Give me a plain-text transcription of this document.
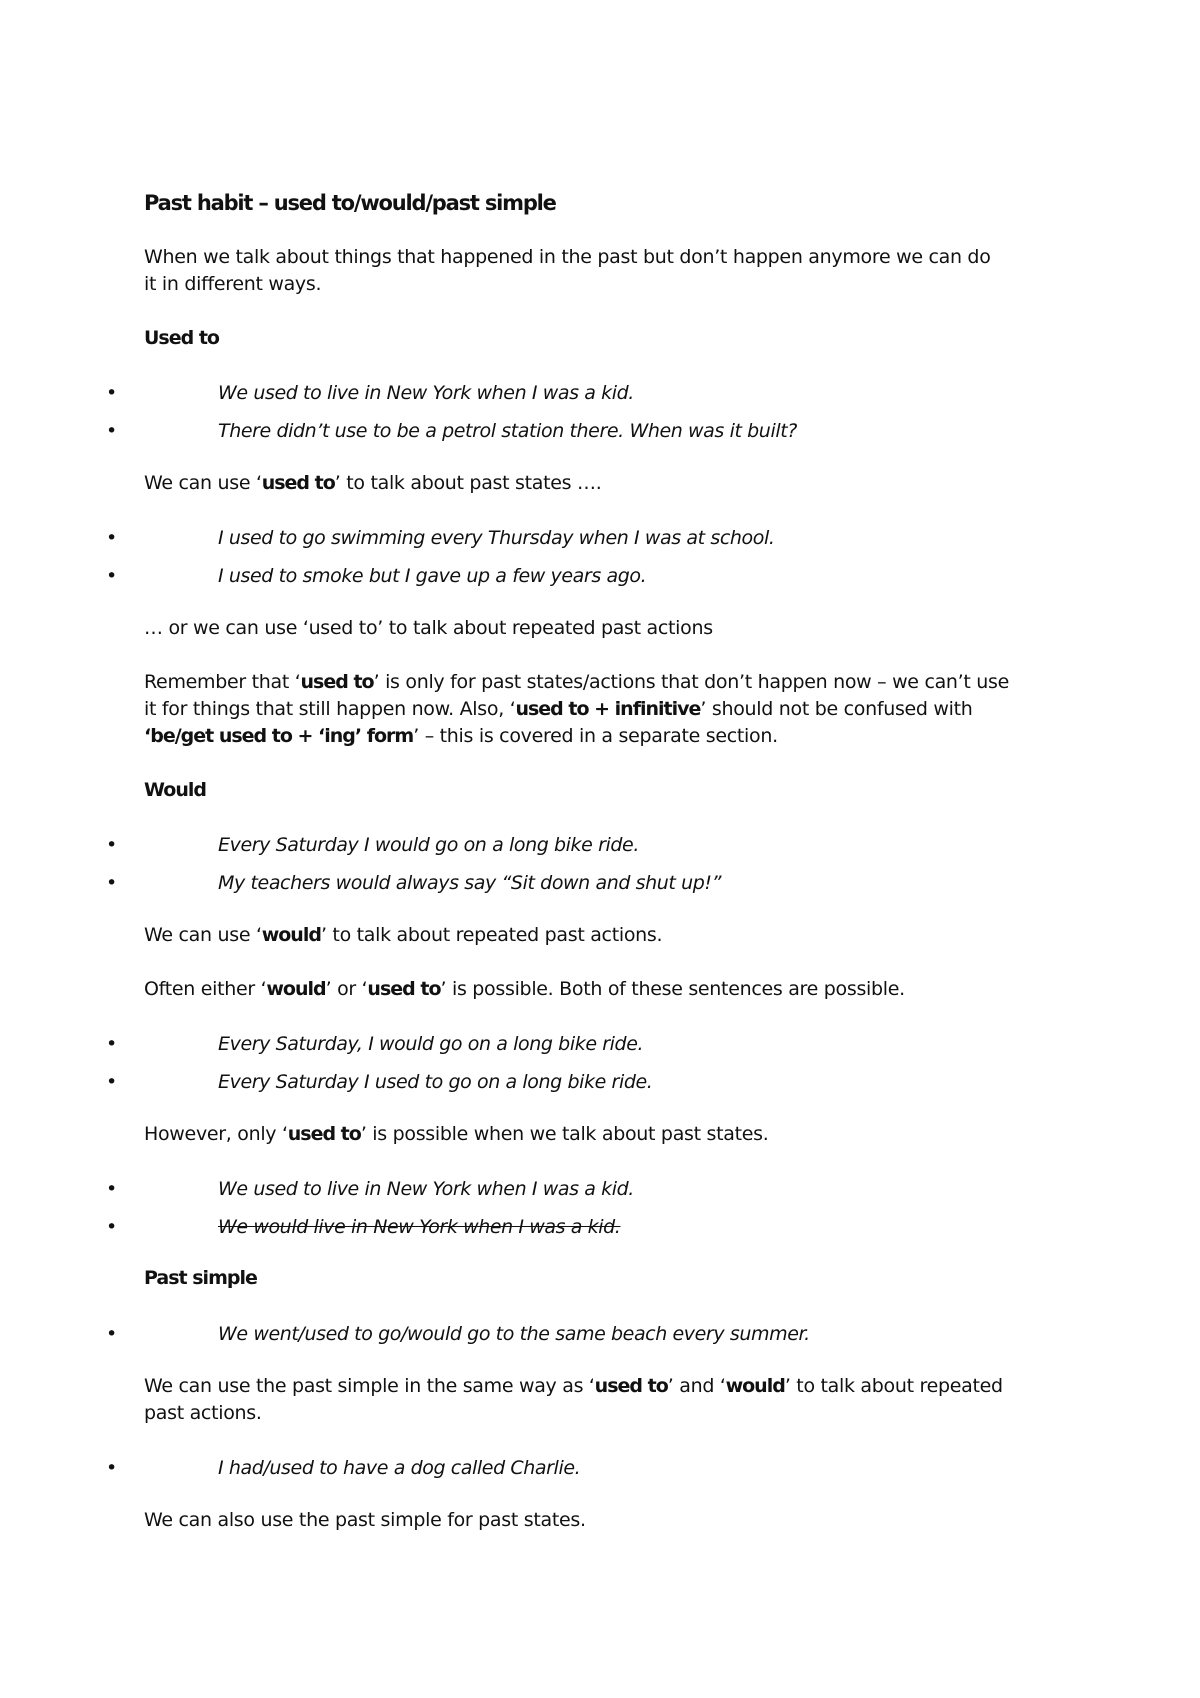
Past habit – used to/would/past simple
When we talk about things that happened in the past but don’t happen anymore we can do
it in different ways.
Used to
•	We used to live in New York when I was a kid.
•	There didn’t use to be a petrol station there. When was it built?
We can use ‘used to’ to talk about past states ….
•	I used to go swimming every Thursday when I was at school.
•	I used to smoke but I gave up a few years ago.
… or we can use ‘used to’ to talk about repeated past actions
Remember that ‘used to’ is only for past states/actions that don’t happen now – we can’t use
it for things that still happen now. Also, ‘used to + infinitive’ should not be confused with
‘be/get used to + ‘ing’ form’ – this is covered in a separate section.
Would
•	Every Saturday I would go on a long bike ride.
•	My teachers would always say “Sit down and shut up!”
We can use ‘would’ to talk about repeated past actions.
Often either ‘would’ or ‘used to’ is possible. Both of these sentences are possible.
•	Every Saturday, I would go on a long bike ride.
•	Every Saturday I used to go on a long bike ride.
However, only ‘used to’ is possible when we talk about past states.
•	We used to live in New York when I was a kid.
•	We would live in New York when I was a kid.
Past simple
•	We went/used to go/would go to the same beach every summer.
We can use the past simple in the same way as ‘used to’ and ‘would’ to talk about repeated
past actions.
•	I had/used to have a dog called Charlie.
We can also use the past simple for past states.
